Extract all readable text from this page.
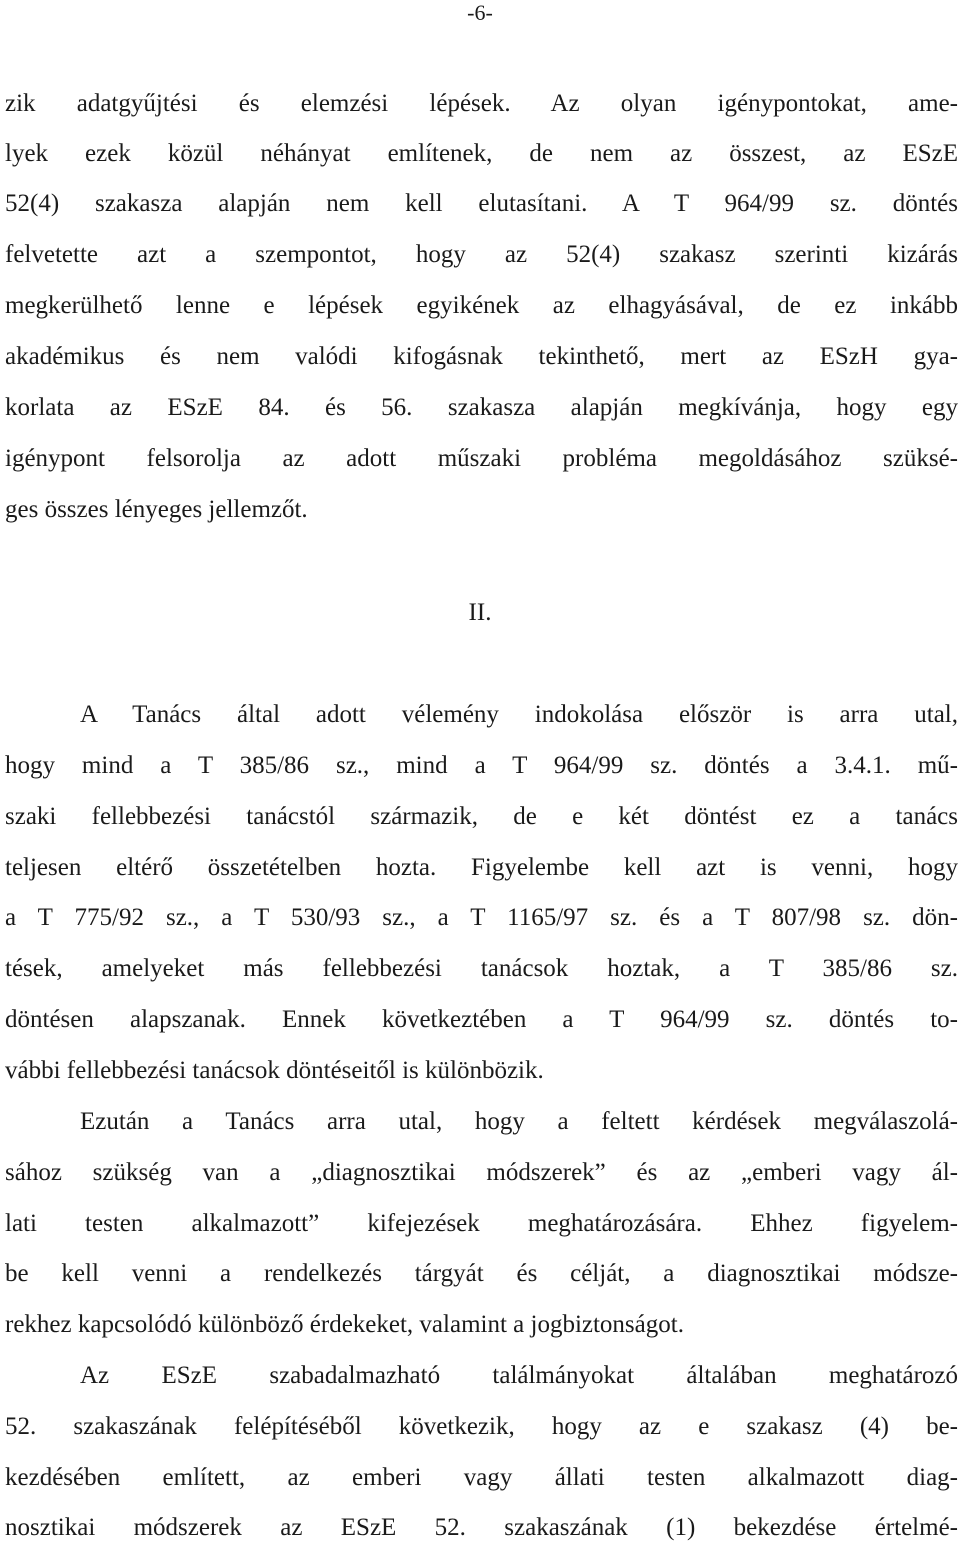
-6-
zik adatgyűjtési és elemzési lépések. Az olyan igénypontokat, ame-
lyek ezek közül néhányat említenek, de nem az összest, az ESzE
52(4) szakasza alapján nem kell elutasítani. A T 964/99 sz. döntés
felvetette azt a szempontot, hogy az 52(4) szakasz szerinti kizárás
megkerülhető lenne e lépések egyikének az elhagyásával, de ez inkább
akadémikus és nem valódi kifogásnak tekinthető, mert az ESzH gya-
korlata az ESzE 84. és 56. szakasza alapján megkívánja, hogy egy
igénypont felsorolja az adott műszaki probléma megoldásához szüksé-
ges összes lényeges jellemzőt.
II.
A Tanács által adott vélemény indokolása először is arra utal,
hogy mind a T 385/86 sz., mind a T 964/99 sz. döntés a 3.4.1. mű-
szaki fellebbezési tanácstól származik, de e két döntést ez a tanács
teljesen eltérő összetételben hozta. Figyelembe kell azt is venni, hogy
a T 775/92 sz., a T 530/93 sz., a T 1165/97 sz. és a T 807/98 sz. dön-
tések, amelyeket más fellebbezési tanácsok hoztak, a T 385/86 sz.
döntésen alapszanak. Ennek következtében a T 964/99 sz. döntés to-
vábbi fellebbezési tanácsok döntéseitől is különbözik.
Ezután a Tanács arra utal, hogy a feltett kérdések megválaszolá-
sához szükség van a „diagnosztikai módszerek” és az „emberi vagy ál-
lati testen alkalmazott” kifejezések meghatározására. Ehhez figyelem-
be kell venni a rendelkezés tárgyát és célját, a diagnosztikai módsze-
rekhez kapcsolódó különböző érdekeket, valamint a jogbiztonságot.
Az ESzE szabadalmazható találmányokat általában meghatározó
52. szakaszának felépítéséből következik, hogy az e szakasz (4) be-
kezdésében említett, az emberi vagy állati testen alkalmazott diag-
nosztikai módszerek az ESzE 52. szakaszának (1) bekezdése értelmé-
